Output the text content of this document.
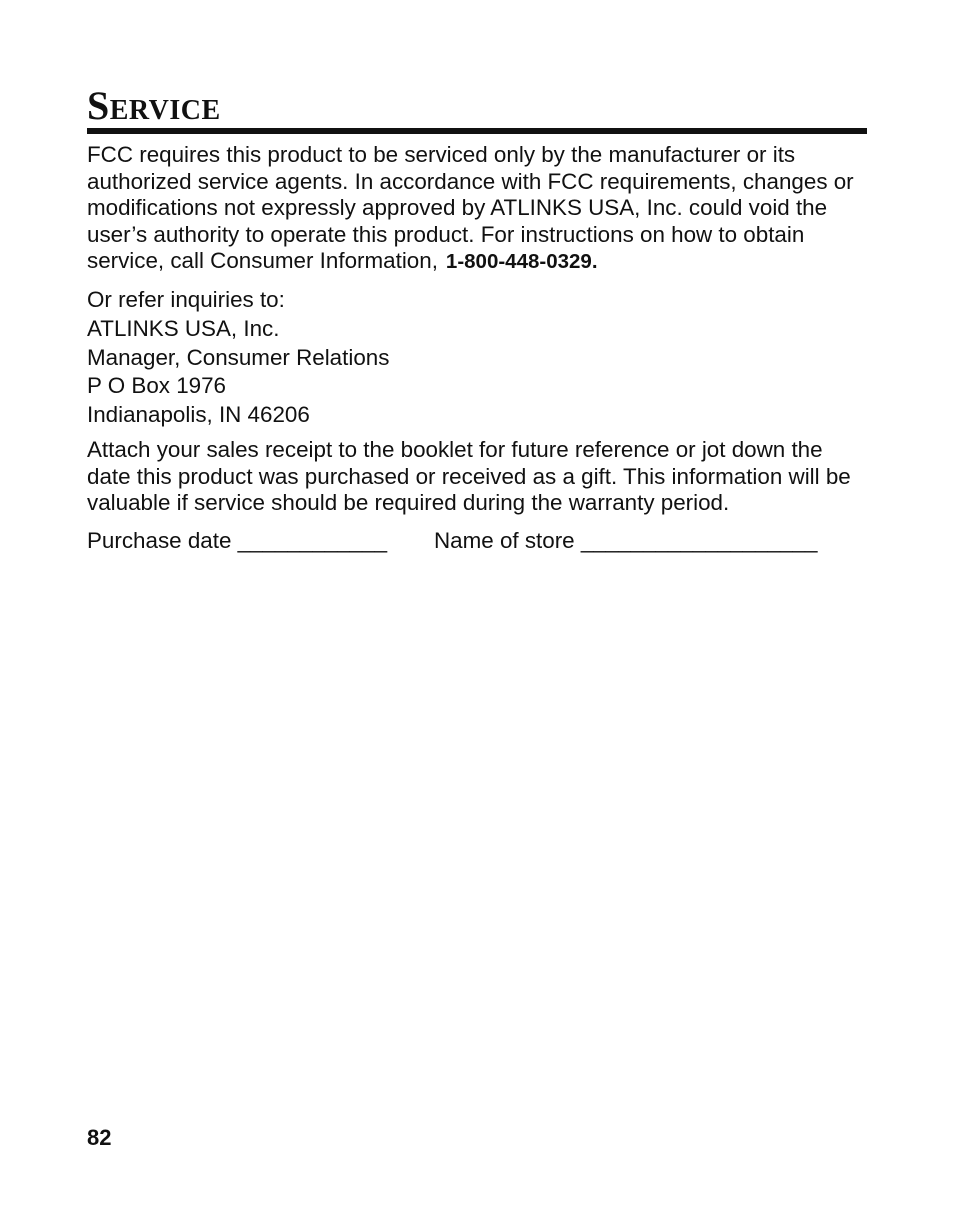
Service

FCC requires this product to be serviced only by the manufacturer or its authorized service agents. In accordance with FCC requirements, changes or modifications not expressly approved by ATLINKS USA, Inc. could void the user’s authority to operate this product. For instructions on how to obtain service, call Consumer Information, 1-800-448-0329.

Or refer inquiries to:
ATLINKS USA, Inc.
Manager, Consumer Relations
P O Box 1976
Indianapolis, IN 46206

Attach your sales receipt to the booklet for future reference or jot down the date this product was purchased or received as a gift. This information will be valuable if service should be required during the warranty period.

Purchase date ____________ Name of store ___________________
82
